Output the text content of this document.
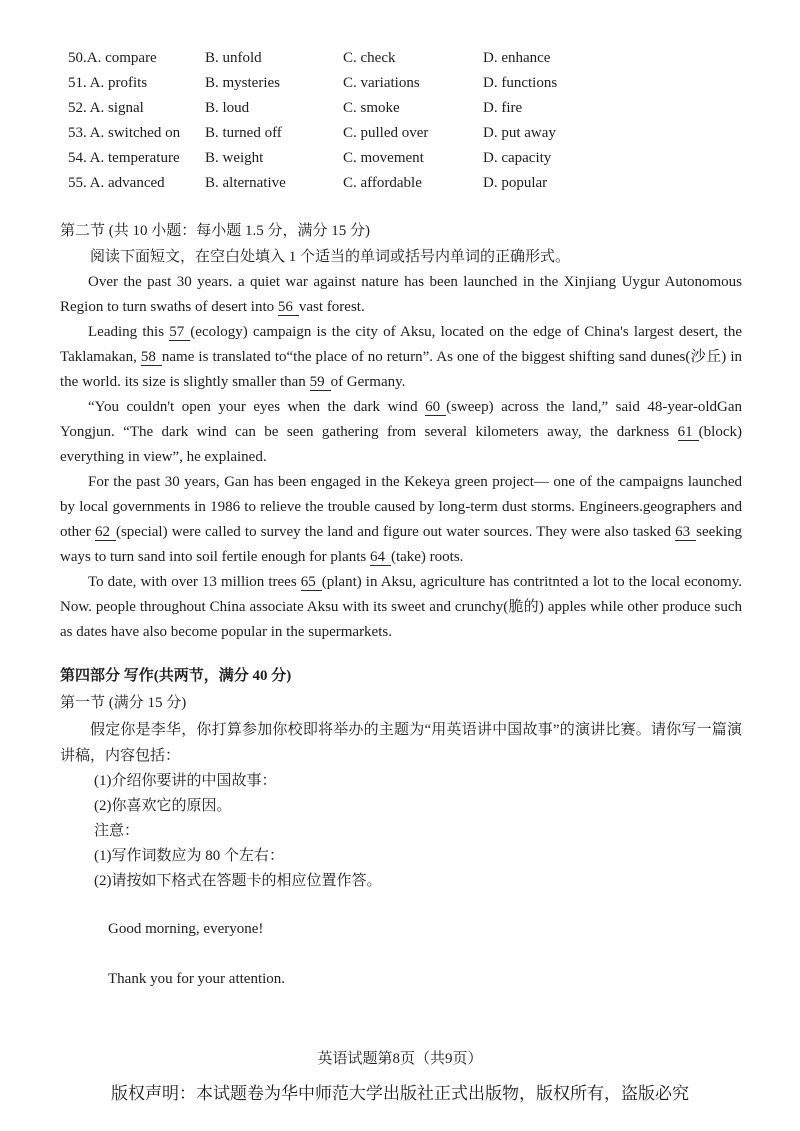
50.A. compare	B. unfold	C. check	D. enhance
51. A. profits	B. mysteries	C. variations	D. functions
52. A. signal	B. loud	C. smoke	D. fire
53. A. switched on	B. turned off	C. pulled over	D. put away
54. A. temperature	B. weight	C. movement	D. capacity
55. A. advanced	B. alternative	C. affordable	D. popular
第二节 (共 10 小题：每小题 1.5 分，满分 15 分)
阅读下面短文，在空白处填入 1 个适当的单词或括号内单词的正确形式。

Over the past 30 years. a quiet war against nature has been launched in the Xinjiang Uygur Autonomous Region to turn swaths of desert into 56 vast forest.

Leading this 57 (ecology) campaign is the city of Aksu, located on the edge of China's largest desert, the Taklamakan, 58 name is translated to“the place of no return”. As one of the biggest shifting sand dunes(沙丘) in the world. its size is slightly smaller than 59 of Germany.

“You couldn't open your eyes when the dark wind 60 (sweep) across the land,” said 48-year-oldGan Yongjun. “The dark wind can be seen gathering from several kilometers away, the darkness 61 (block) everything in view”, he explained.

For the past 30 years, Gan has been engaged in the Kekeya green project— one of the campaigns launched by local governments in 1986 to relieve the trouble caused by long-term dust storms. Engineers.geographers and other 62 (special) were called to survey the land and figure out water sources. They were also tasked 63 seeking ways to turn sand into soil fertile enough for plants 64 (take) roots.

To date, with over 13 million trees 65 (plant) in Aksu, agriculture has contritnted a lot to the local economy. Now. people throughout China associate Aksu with its sweet and crunchy(脆的) apples while other produce such as dates have also become popular in the supermarkets.

第四部分 写作(共两节，满分 40 分)
第一节 (满分 15 分)
假定你是李华，你打算参加你校即将举办的主题为“用英语讲中国故事”的演讲比赛。请你写一篇演讲稿，内容包括：
(1)介绍你要讲的中国故事：
(2)你喜欢它的原因。
注意：
(1)写作词数应为 80 个左右：
(2)请按如下格式在答题卡的相应位置作答。
Good morning, everyone!
Thank you for your attention.
英语试题第8页（共9页）
版权声明：本试题卷为华中师范大学出版社正式出版物，版权所有，盗版必究
